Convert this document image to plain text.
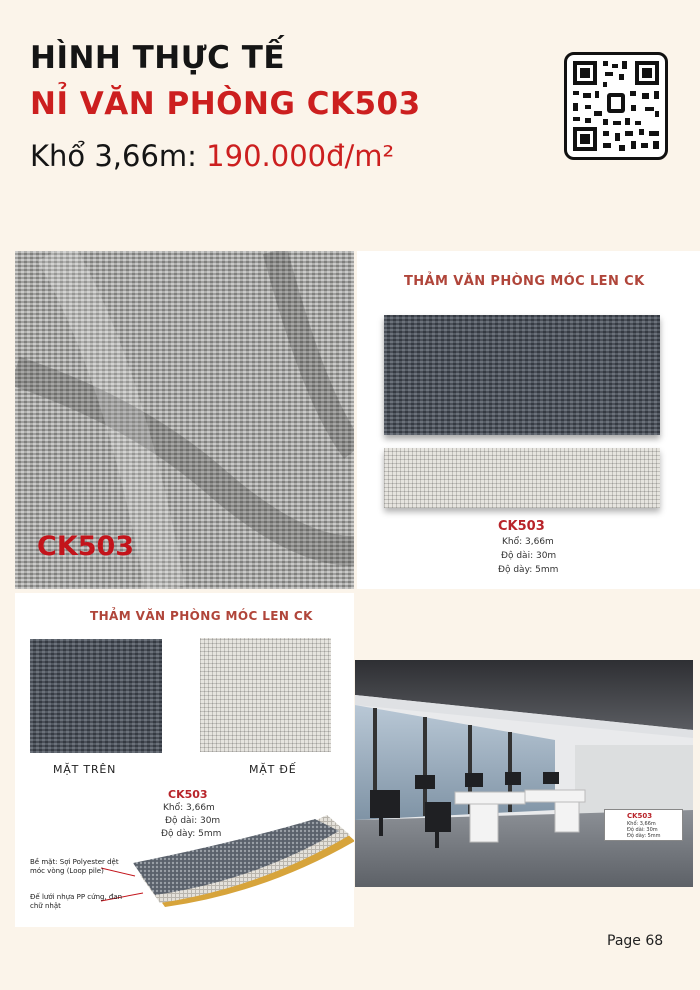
HÌNH THỰC TẾ
NỈ VĂN PHÒNG CK503
Khổ 3,66m: 190.000đ/m²
CK503
THẢM VĂN PHÒNG MÓC LEN CK
CK503
Khổ: 3,66m
Độ dài: 30m
Độ dày: 5mm
THẢM VĂN PHÒNG MÓC LEN CK
MẶT TRÊN	MẶT ĐẾ
CK503
Khổ: 3,66m
Độ dài: 30m
Độ dày: 5mm
Bề mặt: Sợi Polyester dệt
móc vòng (Loop pile)
Đế lưới nhựa PP cứng, đan
chữ nhật
CK503
Khổ: 3,66m
Độ dài: 30m
Độ dày: 5mm
Page 68
